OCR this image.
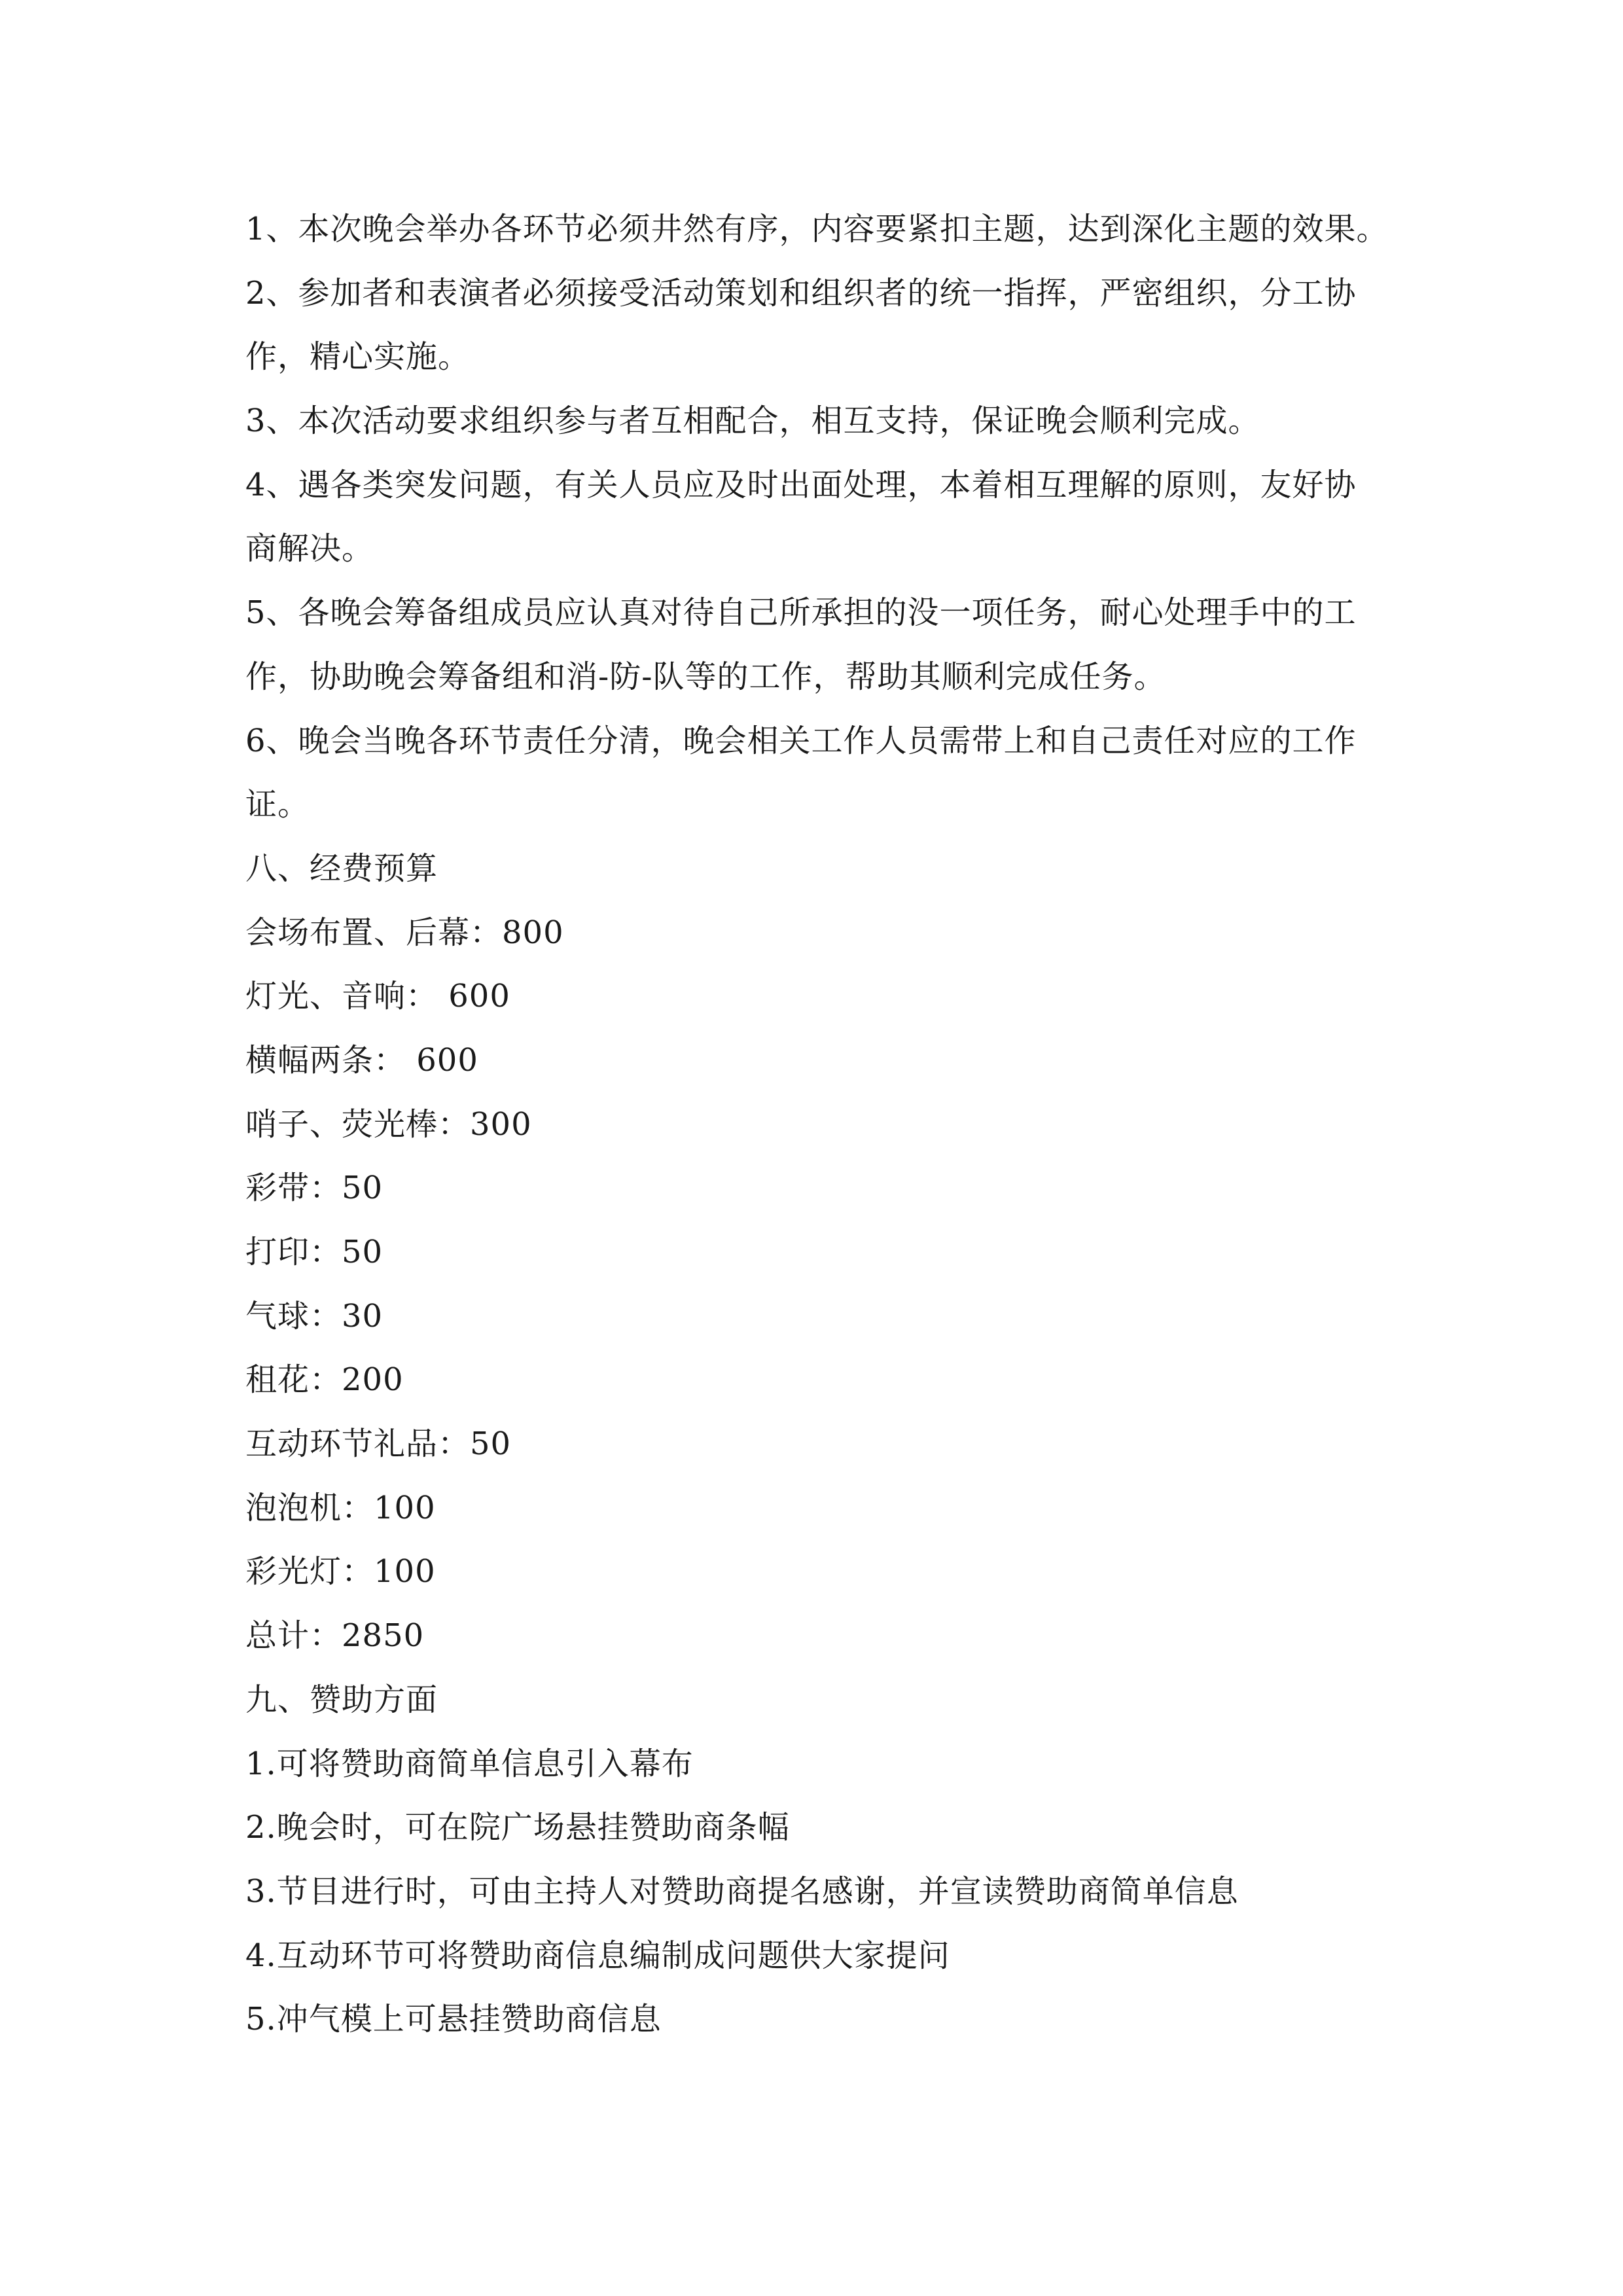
1、本次晚会举办各环节必须井然有序，内容要紧扣主题，达到深化主题的效果。
2、参加者和表演者必须接受活动策划和组织者的统一指挥，严密组织，分工协
作，精心实施。
3、本次活动要求组织参与者互相配合，相互支持，保证晚会顺利完成。
4、遇各类突发问题，有关人员应及时出面处理，本着相互理解的原则，友好协
商解决。
5、各晚会筹备组成员应认真对待自己所承担的没一项任务，耐心处理手中的工
作，协助晚会筹备组和消-防-队等的工作，帮助其顺利完成任务。
6、晚会当晚各环节责任分清，晚会相关工作人员需带上和自己责任对应的工作
证。
八、经费预算
会场布置、后幕：800
灯光、音响： 600
横幅两条： 600
哨子、荧光棒：300
彩带：50
打印：50
气球：30
租花：200
互动环节礼品：50
泡泡机：100
彩光灯：100
总计：2850
九、赞助方面
1.可将赞助商简单信息引入幕布
2.晚会时，可在院广场悬挂赞助商条幅
3.节目进行时，可由主持人对赞助商提名感谢，并宣读赞助商简单信息
4.互动环节可将赞助商信息编制成问题供大家提问
5.冲气模上可悬挂赞助商信息
